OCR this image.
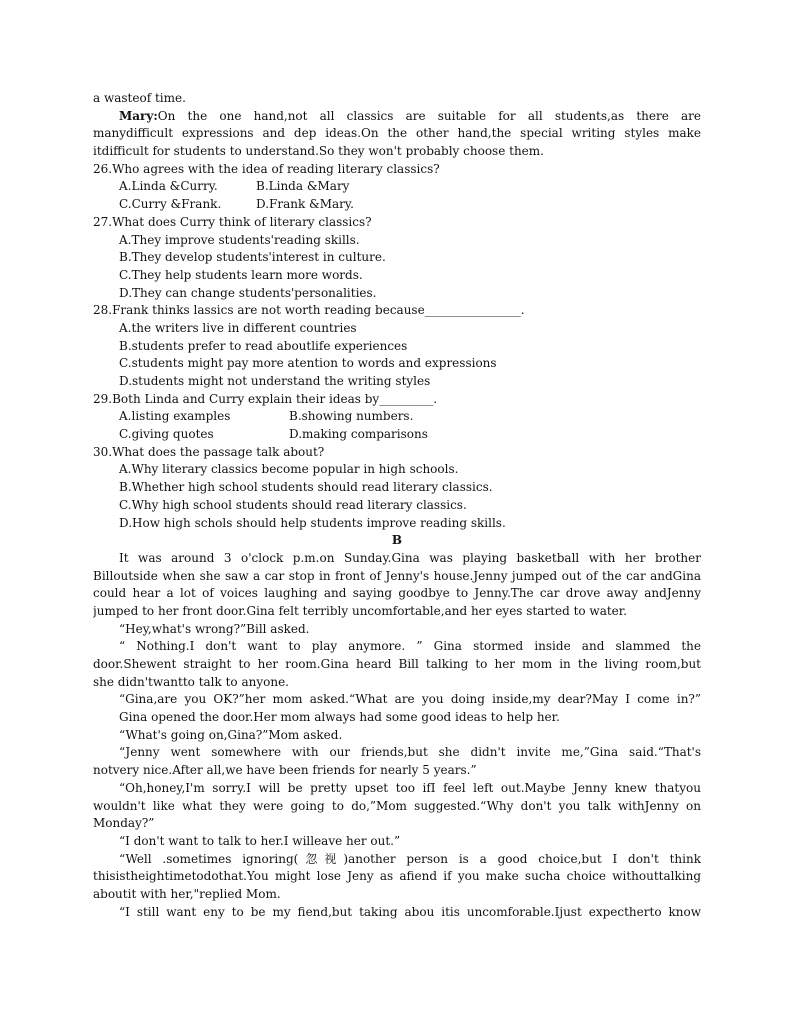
a wasteof time.
Mary:On the one hand,not all classics are suitable for all students,as there are
manydifficult expressions and dep ideas.On the other hand,the special writing styles make
itdifficult for students to understand.So they won't probably choose them.
26.Who agrees with the idea of reading literary classics?
A.Linda &Curry.	B.Linda &Mary
C.Curry &Frank.	D.Frank &Mary.
27.What does Curry think of literary classics?
A.They improve students'reading skills.
B.They develop students'interest in culture.
C.They help students learn more words.
D.They can change students'personalities.
28.Frank thinks lassics are not worth reading because________________.
A.the writers live in different countries
B.students prefer to read aboutlife experiences
C.students might pay more atention to words and expressions
D.students might not understand the writing styles
29.Both Linda and Curry explain their ideas by_________.
A.listing examples	B.showing numbers.
C.giving quotes	D.making comparisons
30.What does the passage talk about?
A.Why literary classics become popular in high schools.
B.Whether high school students should read literary classics.
C.Why high school students should read literary classics.
D.How high schols should help students improve reading skills.
B
It was around 3 o'clock p.m.on Sunday.Gina was playing basketball with her brother
Billoutside when she saw a car stop in front of Jenny's house.Jenny jumped out of the car andGina
could hear a lot of voices laughing and saying goodbye to Jenny.The car drove away andJenny
jumped to her front door.Gina felt terribly uncomfortable,and her eyes started to water.
“Hey,what's wrong?”Bill asked.
“ Nothing.I don't want to play anymore. ” Gina stormed inside and slammed the
door.Shewent straight to her room.Gina heard Bill talking to her mom in the living room,but
she didn'twantto talk to anyone.
“Gina,are you OK?”her mom asked.“What are you doing inside,my dear?May I come in?”
Gina opened the door.Her mom always had some good ideas to help her.
“What's going on,Gina?”Mom asked.
“Jenny went somewhere with our friends,but she didn't invite me,”Gina said.“That's
notvery nice.After all,we have been friends for nearly 5 years.”
“Oh,honey,I'm sorry.I will be pretty upset too ifI feel left out.Maybe Jenny knew thatyou
wouldn't like what they were going to do,”Mom suggested.“Why don't you talk withJenny on
Monday?”
“I don't want to talk to her.I willeave her out.”
“Well .sometimes ignoring(忽视)another person is a good choice,but I don't think
thisistheightimetodothat.You might lose Jeny as afiend if you make sucha choice withouttalking
aboutit with her,"replied Mom.
“I still want eny to be my fiend,but taking abou itis uncomforable.Ijust expectherto know
